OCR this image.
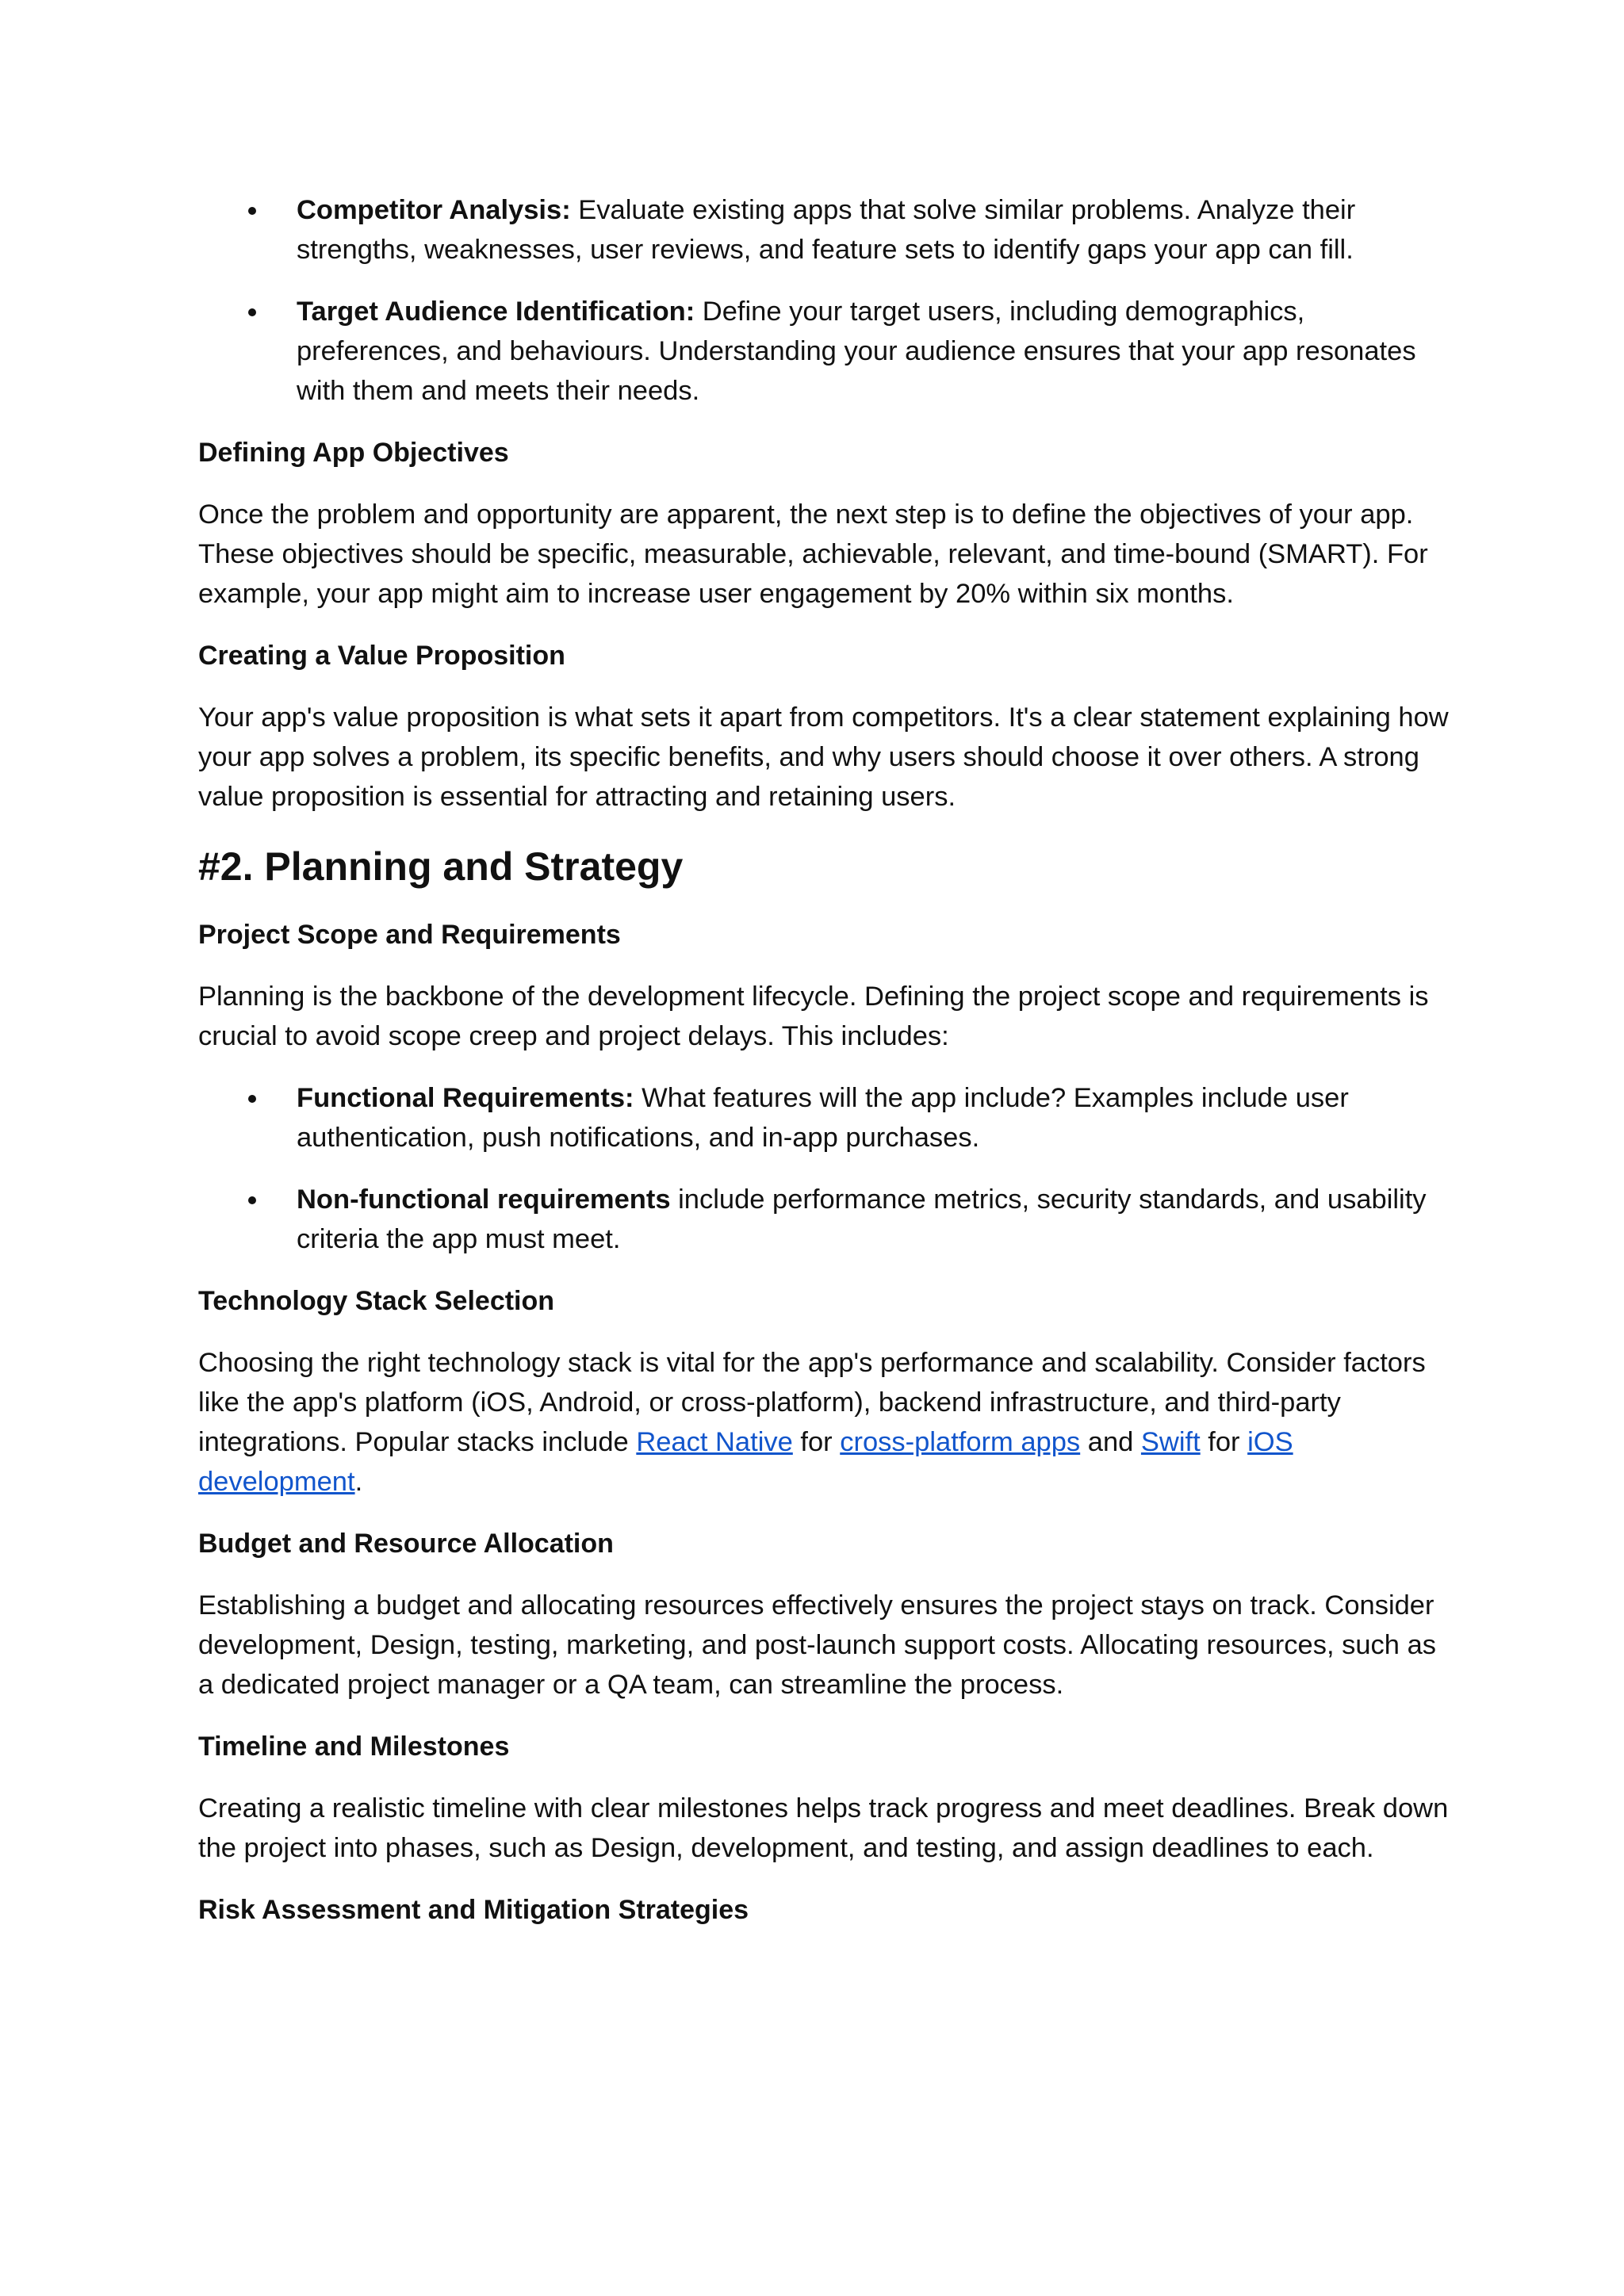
Competitor Analysis: Evaluate existing apps that solve similar problems. Analyze their strengths, weaknesses, user reviews, and feature sets to identify gaps your app can fill.
Target Audience Identification: Define your target users, including demographics, preferences, and behaviours. Understanding your audience ensures that your app resonates with them and meets their needs.

Defining App Objectives

Once the problem and opportunity are apparent, the next step is to define the objectives of your app. These objectives should be specific, measurable, achievable, relevant, and time-bound (SMART). For example, your app might aim to increase user engagement by 20% within six months.

Creating a Value Proposition

Your app's value proposition is what sets it apart from competitors. It's a clear statement explaining how your app solves a problem, its specific benefits, and why users should choose it over others. A strong value proposition is essential for attracting and retaining users.

#2. Planning and Strategy

Project Scope and Requirements

Planning is the backbone of the development lifecycle. Defining the project scope and requirements is crucial to avoid scope creep and project delays. This includes:

Functional Requirements: What features will the app include? Examples include user authentication, push notifications, and in-app purchases.
Non-functional requirements include performance metrics, security standards, and usability criteria the app must meet.

Technology Stack Selection

Choosing the right technology stack is vital for the app's performance and scalability. Consider factors like the app's platform (iOS, Android, or cross-platform), backend infrastructure, and third-party integrations. Popular stacks include React Native for cross-platform apps and Swift for iOS development.

Budget and Resource Allocation

Establishing a budget and allocating resources effectively ensures the project stays on track. Consider development, Design, testing, marketing, and post-launch support costs. Allocating resources, such as a dedicated project manager or a QA team, can streamline the process.

Timeline and Milestones

Creating a realistic timeline with clear milestones helps track progress and meet deadlines. Break down the project into phases, such as Design, development, and testing, and assign deadlines to each.

Risk Assessment and Mitigation Strategies
